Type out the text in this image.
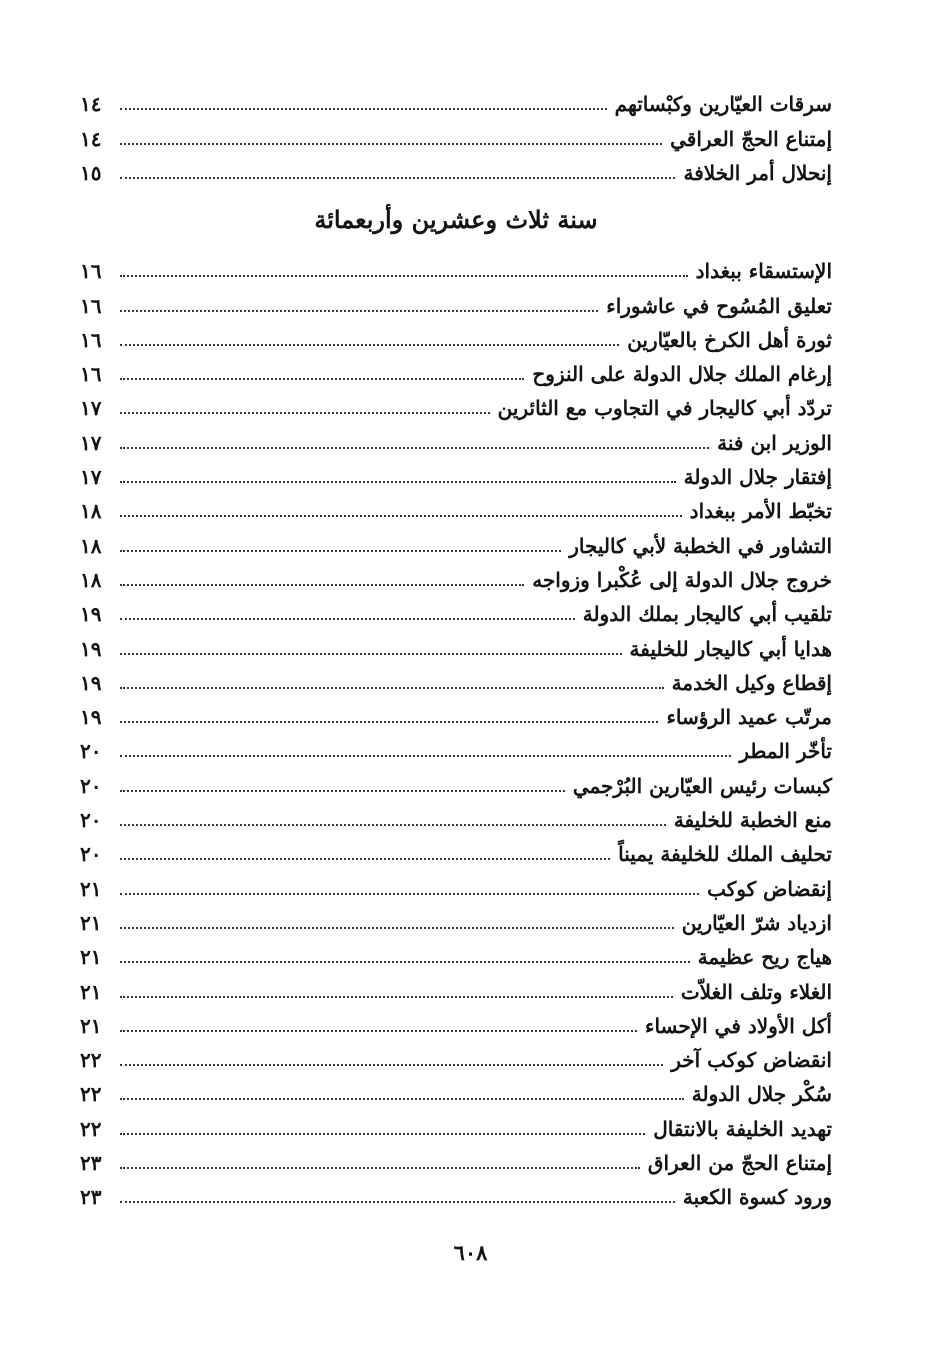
سرقات العيّارين وكبْساتهم
١٤
إمتناع الحجّ العراقي
١٤
إنحلال أمر الخلافة
١٥
سنة ثلاث وعشرين وأربعمائة
الإستسقاء ببغداد
١٦
تعليق المُسُوح في عاشوراء
١٦
ثورة أهل الكرخ بالعيّارين
١٦
إرغام الملك جلال الدولة على النزوح
١٦
تردّد أبي كاليجار في التجاوب مع الثائرين
١٧
الوزير ابن فنة
١٧
إفتقار جلال الدولة
١٧
تخبّط الأمر ببغداد
١٨
التشاور في الخطبة لأبي كاليجار
١٨
خروج جلال الدولة إلى عُكْبرا وزواجه
١٨
تلقيب أبي كاليجار بملك الدولة
١٩
هدايا أبي كاليجار للخليفة
١٩
إقطاع وكيل الخدمة
١٩
مرتّب عميد الرؤساء
١٩
تأخّر المطر
٢٠
كبسات رئيس العيّارين البُرْجمي
٢٠
منع الخطبة للخليفة
٢٠
تحليف الملك للخليفة يميناً
٢٠
إنقضاض كوكب
٢١
ازدياد شرّ العيّارين
٢١
هياج ريح عظيمة
٢١
الغلاء وتلف الغلاّت
٢١
أكل الأولاد في الإحساء
٢١
انقضاض كوكب آخر
٢٢
سُكْر جلال الدولة
٢٢
تهديد الخليفة بالانتقال
٢٢
إمتناع الحجّ من العراق
٢٣
ورود كسوة الكعبة
٢٣
٦٠٨
